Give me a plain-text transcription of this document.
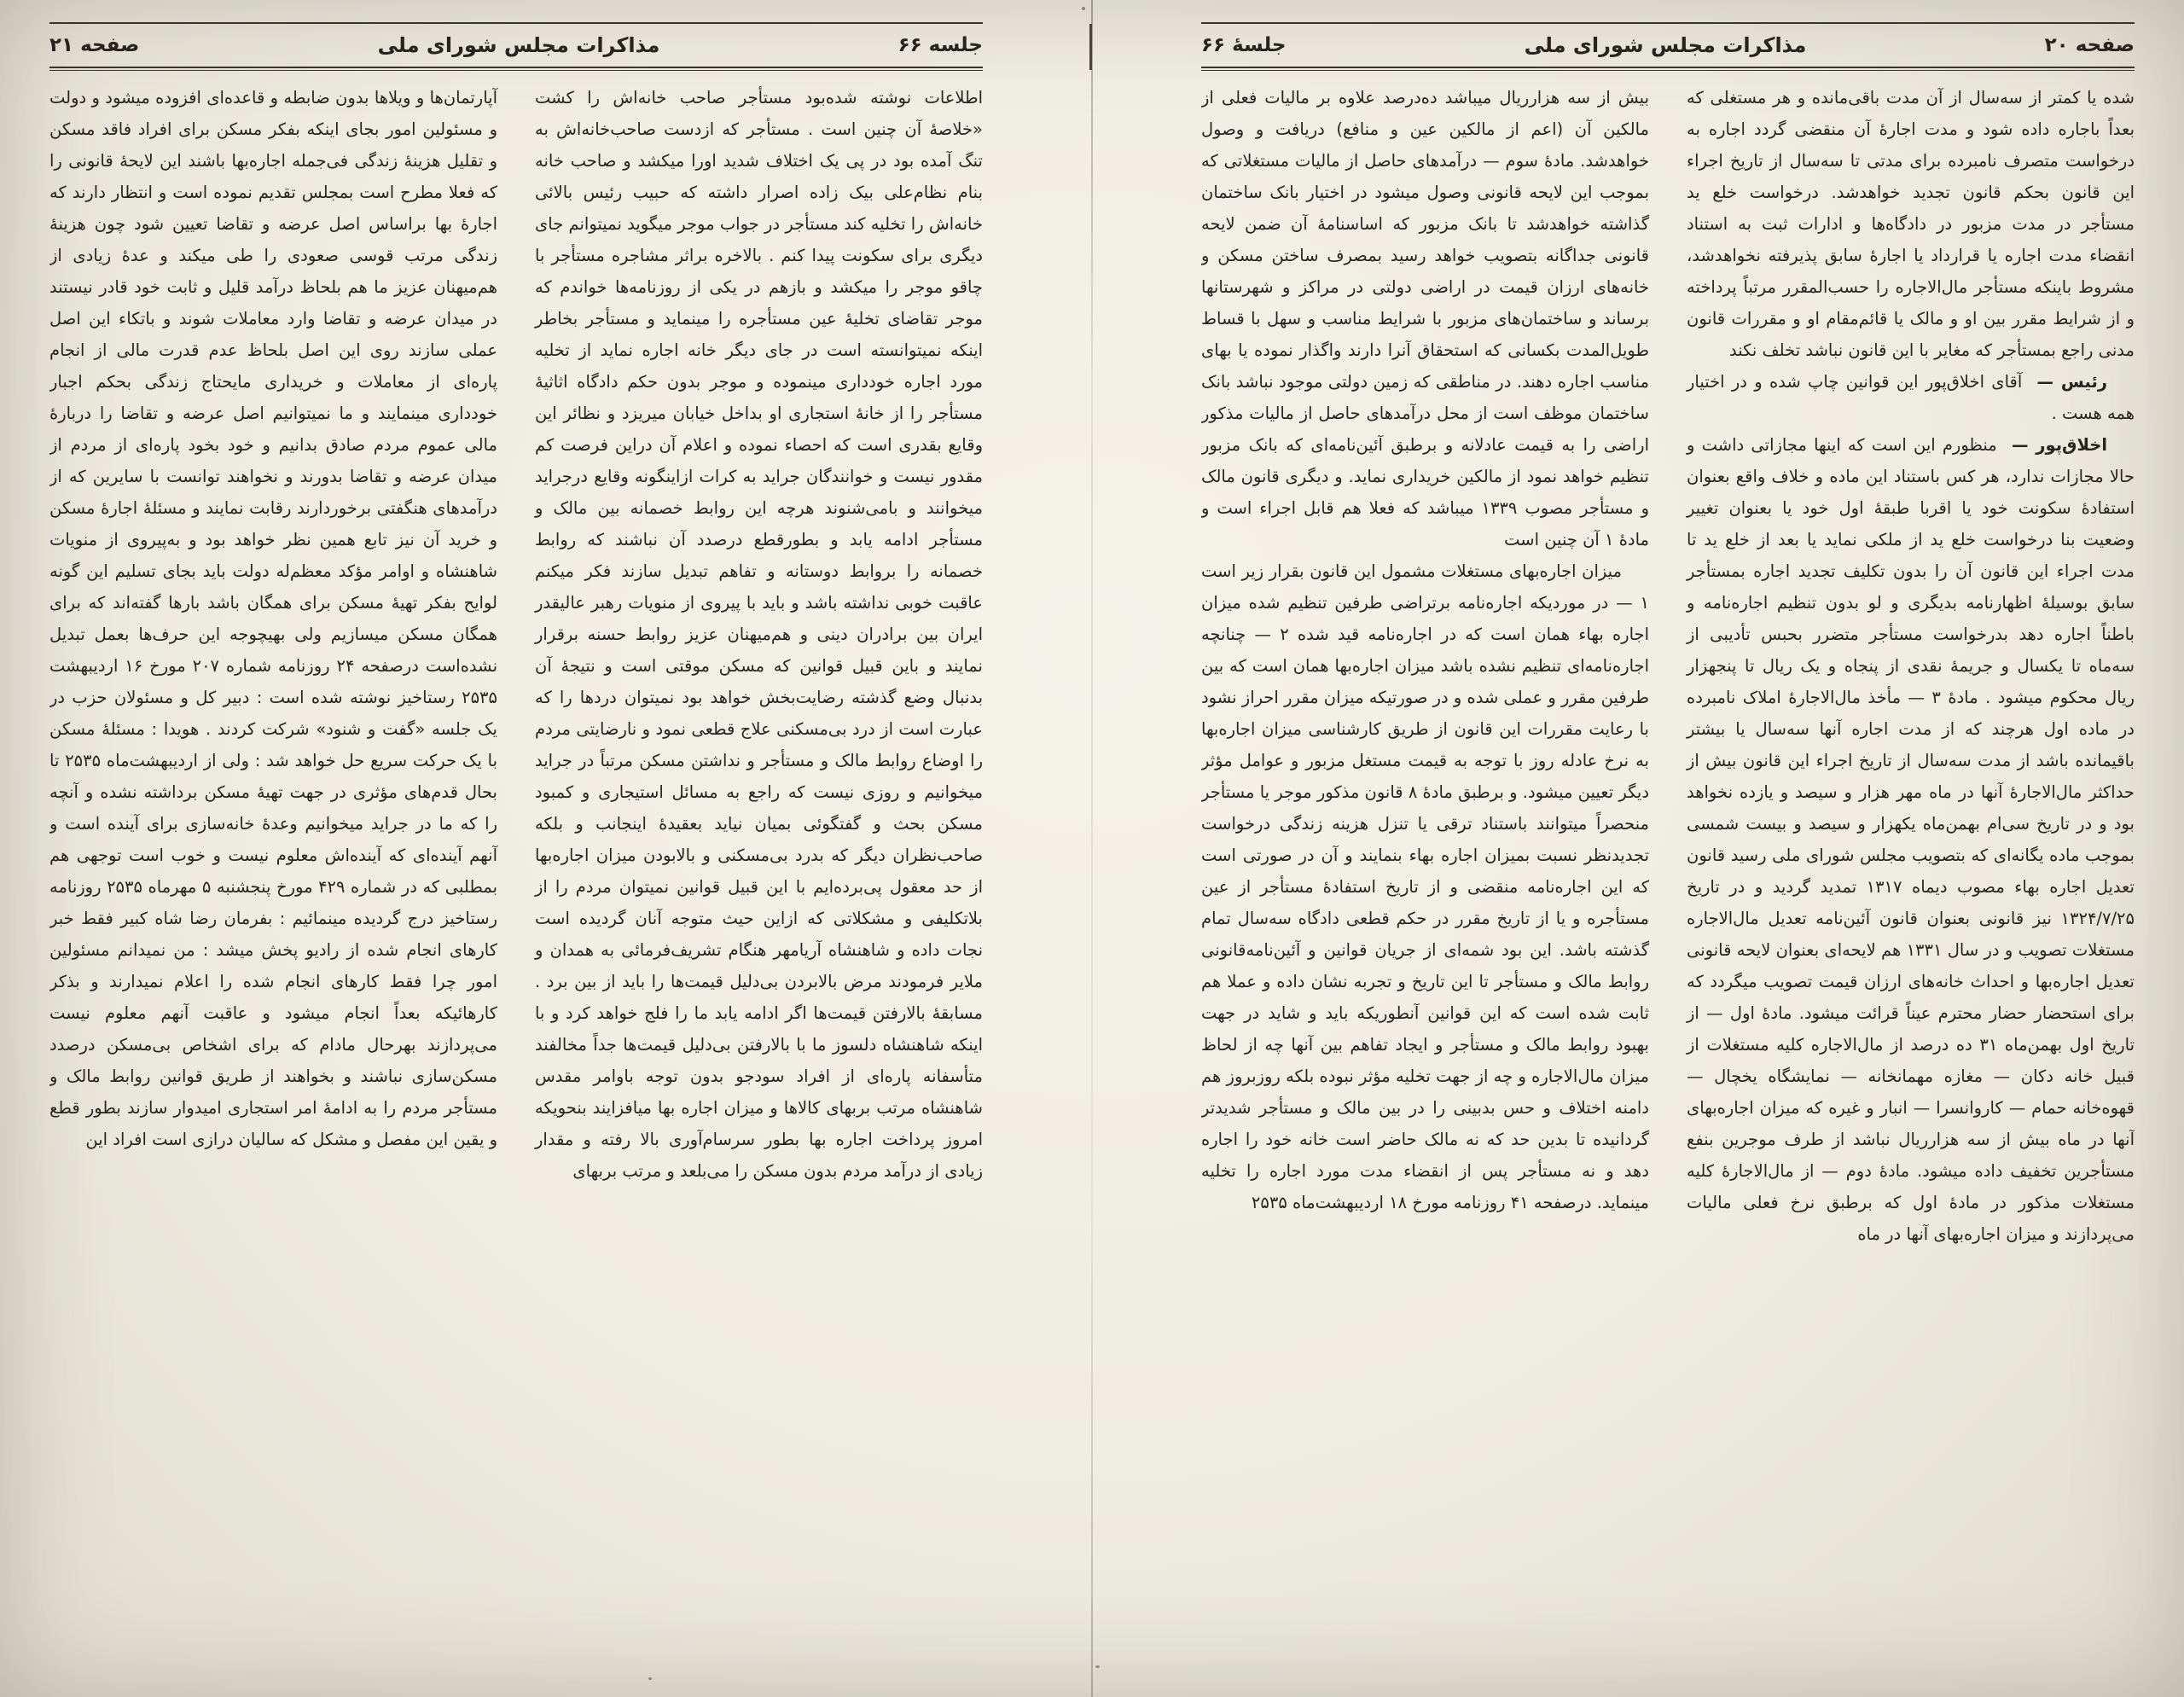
جلسه ۶۶
مذاکرات مجلس شورای ملی
صفحه ۲۱

اطلاعات نوشته شده‌بود مستأجر صاحب خانه‌اش را کشت «خلاصهٔ آن چنین است . مستأجر که ازدست صاحب‌خانه‌اش به تنگ آمده بود در پی یک اختلاف شدید اورا میکشد و صاحب خانه بنام نظام‌علی بیک زاده اصرار داشته که حبیب رئیس بالائی خانه‌اش را تخلیه کند مستأجر در جواب موجر میگوید نمیتوانم جای دیگری برای سکونت پیدا کنم . بالاخره براثر مشاجره مستأجر با چاقو موجر را میکشد و بازهم در یکی از روزنامه‌ها خواندم که موجر تقاضای تخلیهٔ عین مستأجره را مینماید و مستأجر بخاطر اینکه نمیتوانسته است در جای دیگر خانه اجاره نماید از تخلیه مورد اجاره خودداری مینموده و موجر بدون حکم دادگاه اثاثیهٔ مستأجر را از خانهٔ استجاری او بداخل خیابان میریزد و نظائر این وقایع بقدری است که احصاء نموده و اعلام آن دراین فرصت کم مقدور نیست و خوانندگان جراید به کرات ازاینگونه وقایع درجراید میخوانند و بامی‌شنوند هرچه این روابط خصمانه بین مالک و مستأجر ادامه یابد و بطورقطع درصدد آن نباشند که روابط خصمانه را بروابط دوستانه و تفاهم تبدیل سازند فکر میکنم عاقبت خوبی نداشته باشد و باید با پیروی از منویات رهبر عالیقدر ایران بین برادران دینی و هم‌میهنان عزیز روابط حسنه برقرار نمایند و باین قبیل قوانین که مسکن موقتی است و نتیجهٔ آن بدنبال وضع گذشته رضایت‌بخش خواهد بود نمیتوان دردها را که عبارت است از درد بی‌مسکنی علاج قطعی نمود و نارضایتی مردم را اوضاع روابط مالک و مستأجر و نداشتن مسکن مرتباً در جراید میخوانیم و روزی نیست که راجع به مسائل استیجاری و کمبود مسکن بحث و گفتگوئی بمیان نیاید بعقیدهٔ اینجانب و بلکه صاحب‌نظران دیگر که بدرد بی‌مسکنی و بالابودن میزان اجاره‌بها از حد معقول پی‌برده‌ایم با این قبیل قوانین نمیتوان مردم را از بلاتکلیفی و مشکلاتی که ازاین حیث متوجه آنان گردیده است نجات داده و شاهنشاه آریامهر هنگام تشریف‌فرمائی به همدان و ملایر فرمودند مرض بالابردن بی‌دلیل قیمت‌ها را باید از بین برد . مسابقهٔ بالارفتن قیمت‌ها اگر ادامه یابد ما را فلج خواهد کرد و با اینکه شاهنشاه دلسوز ما با بالارفتن بی‌دلیل قیمت‌ها جداً مخالفند متأسفانه پاره‌ای از افراد سودجو بدون توجه باوامر مقدس شاهنشاه مرتب بربهای کالاها و میزان اجاره بها میافزایند بنحویکه امروز پرداخت اجاره بها بطور سرسام‌آوری بالا رفته و مقدار زیادی از درآمد مردم بدون مسکن را می‌بلعد و مرتب بربهای

آپارتمان‌ها و ویلاها بدون ضابطه و قاعده‌ای افزوده میشود و دولت و مسئولین امور بجای اینکه بفکر مسکن برای افراد فاقد مسکن و تقلیل هزینهٔ زندگی فی‌جمله اجاره‌بها باشند این لایحهٔ قانونی را که فعلا مطرح است بمجلس تقدیم نموده است و انتظار دارند که اجارهٔ بها براساس اصل عرضه و تقاضا تعیین شود چون هزینهٔ زندگی مرتب قوسی صعودی را طی میکند و عدهٔ زیادی از هم‌میهنان عزیز ما هم بلحاظ درآمد قلیل و ثابت خود قادر نیستند در میدان عرضه و تقاضا وارد معاملات شوند و باتکاء این اصل عملی سازند روی این اصل بلحاظ عدم قدرت مالی از انجام پاره‌ای از معاملات و خریداری مایحتاج زندگی بحکم اجبار خودداری مینمایند و ما نمیتوانیم اصل عرضه و تقاضا را دربارهٔ مالی عموم مردم صادق بدانیم و خود بخود پاره‌ای از مردم از میدان عرضه و تقاضا بدورند و نخواهند توانست با سایرین که از درآمدهای هنگفتی برخوردارند رقابت نمایند و مسئلهٔ اجارهٔ مسکن و خرید آن نیز تابع همین نظر خواهد بود و به‌پیروی از منویات شاهنشاه و اوامر مؤکد معظم‌له دولت باید بجای تسلیم این گونه لوایح بفکر تهیهٔ مسکن برای همگان باشد بارها گفته‌اند که برای همگان مسکن میسازیم ولی بهیچوجه این حرف‌ها بعمل تبدیل نشده‌است درصفحه ۲۴ روزنامه شماره ۲۰۷ مورخ ۱۶ اردیبهشت ۲۵۳۵ رستاخیز نوشته شده است : دبیر کل و مسئولان حزب در یک جلسه «گفت و شنود» شرکت کردند . هویدا : مسئلهٔ مسکن با یک حرکت سریع حل خواهد شد : ولی از اردیبهشت‌ماه ۲۵۳۵ تا بحال قدم‌های مؤثری در جهت تهیهٔ مسکن برداشته نشده و آنچه را که ما در جراید میخوانیم وعدهٔ خانه‌سازی برای آینده است و آنهم آینده‌ای که آینده‌اش معلوم نیست و خوب است توجهی هم بمطلبی که در شماره ۴۲۹ مورخ پنجشنبه ۵ مهرماه ۲۵۳۵ روزنامه رستاخیز درج گردیده مینمائیم : بفرمان رضا شاه کبیر فقط خبر کارهای انجام شده از رادیو پخش میشد : من نمیدانم مسئولین امور چرا فقط کارهای انجام شده را اعلام نمیدارند و بذکر کارهائیکه بعداً انجام میشود و عاقبت آنهم معلوم نیست می‌پردازند بهرحال مادام که برای اشخاص بی‌مسکن درصدد مسکن‌سازی نباشند و بخواهند از طریق قوانین روابط مالک و مستأجر مردم را به ادامهٔ امر استجاری امیدوار سازند بطور قطع و یقین این مفصل و مشکل که سالیان درازی است افراد این

صفحه ۲۰
مذاکرات مجلس شورای ملی
جلسهٔ ۶۶

شده یا کمتر از سه‌سال از آن مدت باقی‌مانده و هر مستغلی که بعداً باجاره داده شود و مدت اجارهٔ آن منقضی گردد اجاره به درخواست متصرف نامبرده برای مدتی تا سه‌سال از تاریخ اجراء این قانون بحکم قانون تجدید خواهدشد. درخواست خلع ید مستأجر در مدت مزبور در دادگاه‌ها و ادارات ثبت به استناد انقضاء مدت اجاره یا قرارداد یا اجارهٔ سابق پذیرفته نخواهدشد، مشروط باینکه مستأجر مال‌الاجاره را حسب‌المقرر مرتباً پرداخته و از شرایط مقرر بین او و مالک یا قائم‌مقام او و مقررات قانون مدنی راجع بمستأجر که مغایر با این قانون نباشد تخلف نکند

رئیس — آقای اخلاق‌پور این قوانین چاپ شده و در اختیار همه هست .

اخلاق‌پور — منظورم این است که اینها مجازاتی داشت و حالا مجازات ندارد، هر کس باستناد این ماده و خلاف واقع بعنوان استفادهٔ سکونت خود یا اقربا طبقهٔ اول خود یا بعنوان تغییر وضعیت بنا درخواست خلع ید از ملکی نماید یا بعد از خلع ید تا مدت اجراء این قانون آن را بدون تکلیف تجدید اجاره بمستأجر سابق بوسیلهٔ اظهارنامه بدیگری و لو بدون تنظیم اجاره‌نامه و باطناً اجاره دهد بدرخواست مستأجر متضرر بحبس تأدیبی از سه‌ماه تا یکسال و جریمهٔ نقدی از پنجاه و یک ریال تا پنجهزار ریال محکوم میشود . مادهٔ ۳ — مأخذ مال‌الاجارهٔ املاک نامبرده در ماده اول هرچند که از مدت اجاره آنها سه‌سال یا بیشتر باقیمانده باشد از مدت سه‌سال از تاریخ اجراء این قانون بیش از حداکثر مال‌الاجارهٔ آنها در ماه مهر هزار و سیصد و یازده نخواهد بود و در تاریخ سی‌ام بهمن‌ماه یکهزار و سیصد و بیست شمسی بموجب ماده یگانه‌ای که بتصویب مجلس شورای ملی رسید قانون تعدیل اجاره بهاء مصوب دیماه ۱۳۱۷ تمدید گردید و در تاریخ ۱۳۲۴/۷/۲۵ نیز قانونی بعنوان قانون آئین‌نامه تعدیل مال‌الاجاره مستغلات تصویب و در سال ۱۳۳۱ هم لایحه‌ای بعنوان لایحه قانونی تعدیل اجاره‌بها و احداث خانه‌های ارزان قیمت تصویب میگردد که برای استحضار حضار محترم عیناً قرائت میشود. مادهٔ اول — از تاریخ اول بهمن‌ماه ۳۱ ده درصد از مال‌الاجاره کلیه مستغلات از قبیل خانه دکان — مغازه مهمانخانه — نمایشگاه یخچال — قهوه‌خانه حمام — کاروانسرا — انبار و غیره که میزان اجاره‌بهای آنها در ماه بیش از سه هزارریال نباشد از طرف موجرین بنفع مستأجرین تخفیف داده میشود. مادهٔ دوم — از مال‌الاجارهٔ کلیه مستغلات مذکور در مادهٔ اول که برطبق نرخ فعلی مالیات می‌پردازند و میزان اجاره‌بهای آنها در ماه

بیش از سه هزارریال میباشد ده‌درصد علاوه بر مالیات فعلی از مالکین آن (اعم از مالکین عین و منافع) دریافت و وصول خواهدشد. مادهٔ سوم — درآمدهای حاصل از مالیات مستغلاتی که بموجب این لایحه قانونی وصول میشود در اختیار بانک ساختمان گذاشته خواهدشد تا بانک مزبور که اساسنامهٔ آن ضمن لایحه قانونی جداگانه بتصویب خواهد رسید بمصرف ساختن مسکن و خانه‌های ارزان قیمت در اراضی دولتی در مراکز و شهرستانها برساند و ساختمان‌های مزبور با شرایط مناسب و سهل با قساط طویل‌المدت بکسانی که استحقاق آنرا دارند واگذار نموده یا بهای مناسب اجاره دهند. در مناطقی که زمین دولتی موجود نباشد بانک ساختمان موظف است از محل درآمدهای حاصل از مالیات مذکور اراضی را به قیمت عادلانه و برطبق آئین‌نامه‌ای که بانک مزبور تنظیم خواهد نمود از مالکین خریداری نماید. و دیگری قانون مالک و مستأجر مصوب ۱۳۳۹ میباشد که فعلا هم قابل اجراء است و مادهٔ ۱ آن چنین است

میزان اجاره‌بهای مستغلات مشمول این قانون بقرار زیر است ۱ — در موردیکه اجاره‌نامه برتراضی طرفین تنظیم شده میزان اجاره بهاء همان است که در اجاره‌نامه قید شده ۲ — چنانچه اجاره‌نامه‌ای تنظیم نشده باشد میزان اجاره‌بها همان است که بین طرفین مقرر و عملی شده و در صورتیکه میزان مقرر احراز نشود با رعایت مقررات این قانون از طریق کارشناسی میزان اجاره‌بها به نرخ عادله روز با توجه به قیمت مستغل مزبور و عوامل مؤثر دیگر تعیین میشود. و برطبق مادهٔ ۸ قانون مذکور موجر یا مستأجر منحصراً میتوانند باستناد ترقی یا تنزل هزینه زندگی درخواست تجدیدنظر نسبت بمیزان اجاره بهاء بنمایند و آن در صورتی است که این اجاره‌نامه منقضی و از تاریخ استفادهٔ مستأجر از عین مستأجره و یا از تاریخ مقرر در حکم قطعی دادگاه سه‌سال تمام گذشته باشد. این بود شمه‌ای از جریان قوانین و آئین‌نامه‌قانونی روابط مالک و مستأجر تا این تاریخ و تجربه نشان داده و عملا هم ثابت شده است که این قوانین آنطوریکه باید و شاید در جهت بهبود روابط مالک و مستأجر و ایجاد تفاهم بین آنها چه از لحاظ میزان مال‌الاجاره و چه از جهت تخلیه مؤثر نبوده بلکه روزبروز هم دامنه اختلاف و حس بدبینی را در بین مالک و مستأجر شدیدتر گردانیده تا بدین حد که نه مالک حاضر است خانه خود را اجاره دهد و نه مستأجر پس از انقضاء مدت مورد اجاره را تخلیه مینماید. درصفحه ۴۱ روزنامه مورخ ۱۸ اردیبهشت‌ماه ۲۵۳۵
